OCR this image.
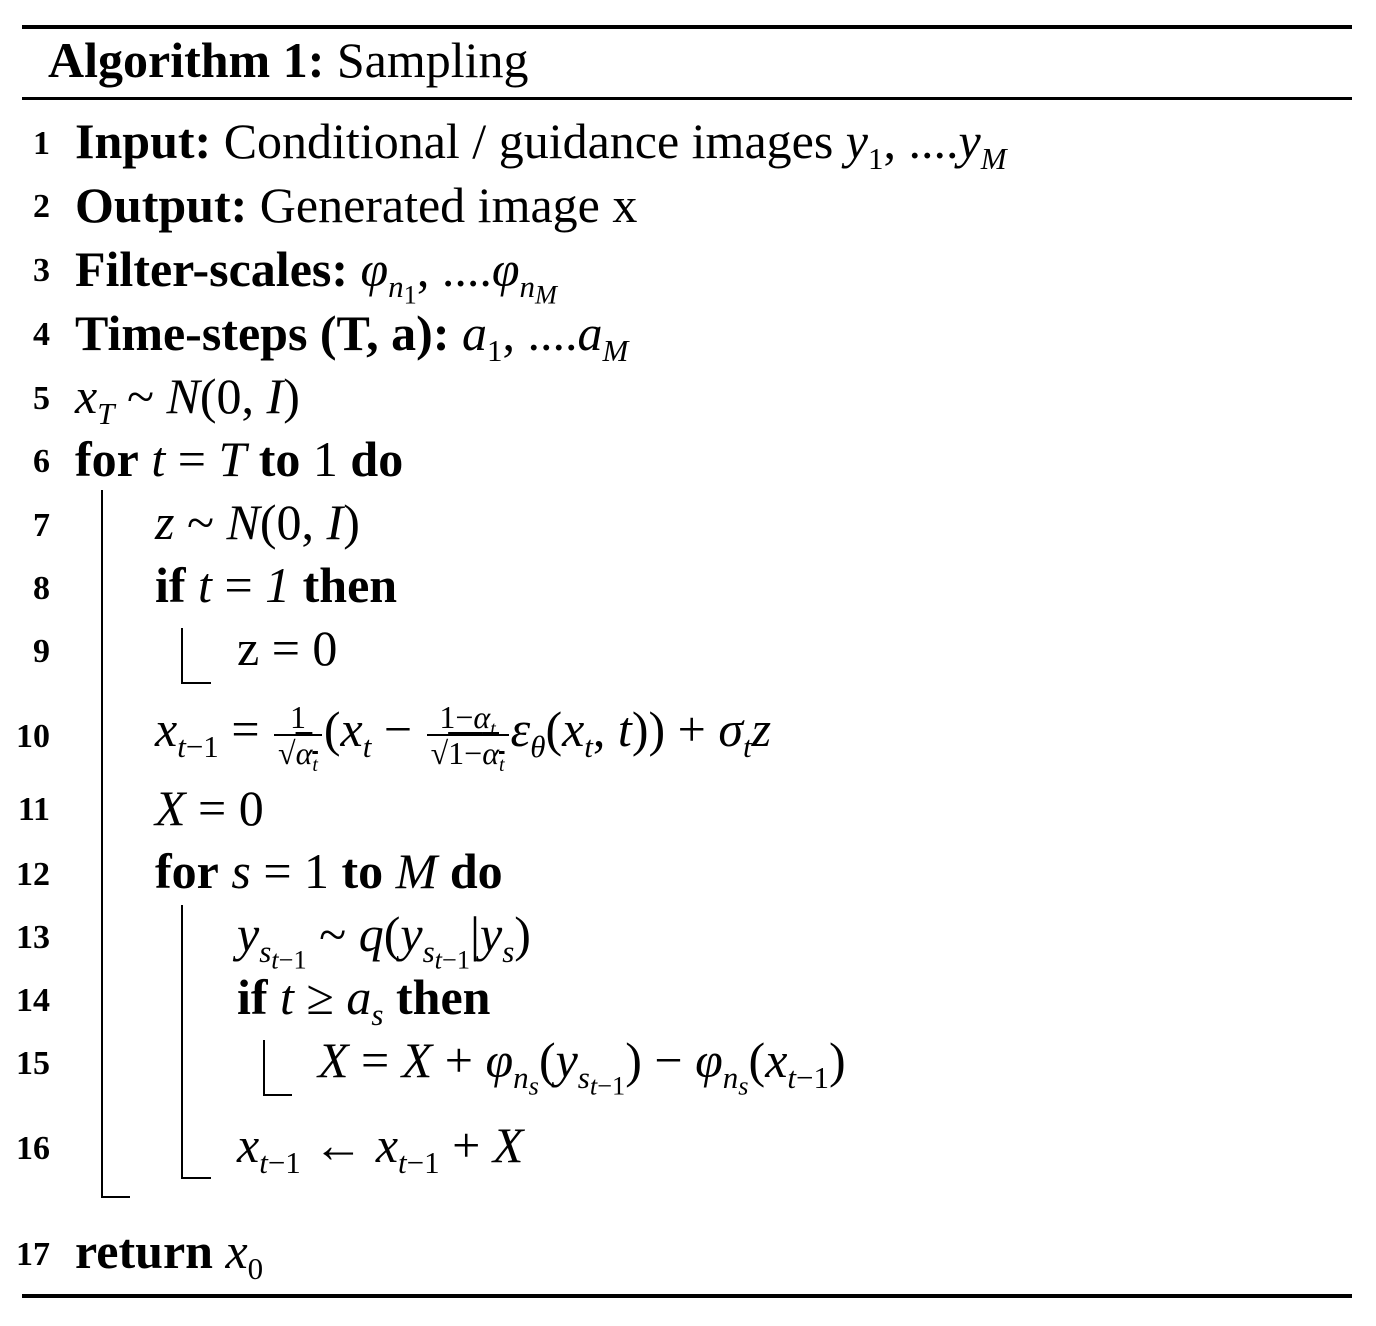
Algorithm 1: Sampling
1
2
3
4
5
6
7
8
9
10
11
12
13
14
15
16
17
Input: Conditional / guidance images $y_1$, $....y_M$
Output: Generated image x
Filter-scales: $\varphi_{n_1}$, $....\varphi_{n_M}$
Time-steps (T, a): $a_1$, $....a_M$
$x_T$ ~ N(0, I)
for t = T to 1 do
z ~ N(0, I)
if t = 1 then
z = 0
$x_{t-1} = \frac{1}{√\alpha_t} (x_t - \frac{1-\alpha_t}{√1-\alpha_t} \varepsilon_\theta(x_t$, $t)) + \sigma_tz$
X = 0
for s = 1 to M do
$y_{s_{t-1}}$ ~ $q(y_{s_{t-1}}|y_s)$
if $t \ge a_s$ then
$X = X + \varphi_{n_s}(y_{s_{t-1}}) - \varphi_{n_s}(x_{t-1})$
$x_{t-1}$ ← $x_{t-1} + X$
return $x_0$
